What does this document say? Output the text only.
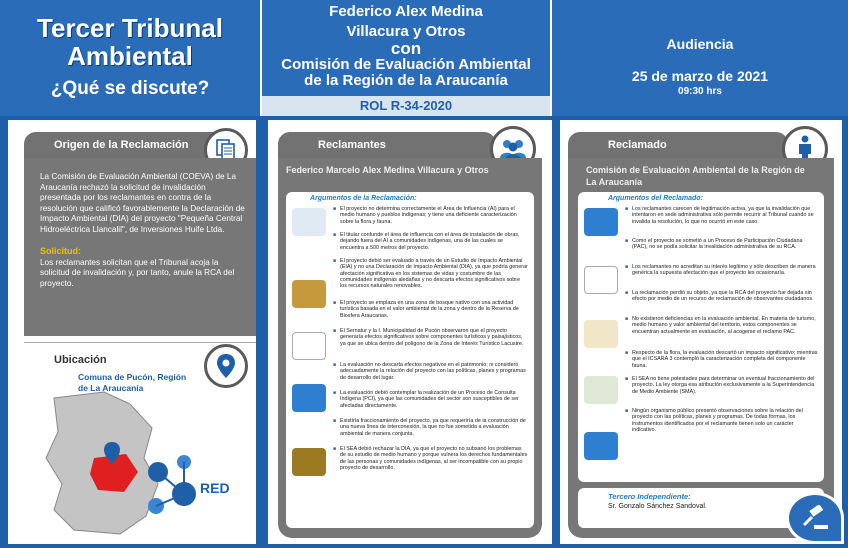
Tercer Tribunal Ambiental
¿Qué se discute?
Federico Alex Medina
Villacura y Otros
con
Comisión de Evaluación Ambiental
de la Región de la Araucanía
ROL R-34-2020
Audiencia
25 de marzo de 2021
09:30 hrs
Origen de la Reclamación
La Comisión de Evaluación Ambiental (COEVA) de La Araucanía rechazó la solicitud de invalidación presentada por los reclamantes en contra de la resolución que calificó favorablemente la Declaración de Impacto Ambiental (DIA) del proyecto "Pequeña Central Hidroeléctrica Llancalil", de Inversiones Huife Ltda.
Solicitud:
Los reclamantes solicitan que el Tribunal acoja la solicitud de invalidación y, por tanto, anule la RCA del proyecto.
Ubicación
Comuna de Pucón, Región de La Araucanía
RED
Reclamantes
Federico Marcelo Alex Medina Villacura y Otros
Argumentos de la Reclamación:
■ El proyecto no determina correctamente el Área de Influencia (AI) para el medio humano y pueblos indígenas; y tiene una deficiente caracterización sobre la flora y fauna.
■ El titular confunde el área de influencia con el área de instalación de obras, dejando fuera del AI a comunidades indígenas, una de las cuales se encuentra a 500 metros del proyecto.
■ El proyecto debió ser evaluado a través de un Estudio de Impacto Ambiental (EIA) y no una Declaración de Impacto Ambiental (DIA), ya que podría generar afectación significativa en los sistemas de vidas y costumbre de las comunidades indígenas aledañas y no descarta efectos significativos sobre los recursos naturales renovables.
■ El proyecto se emplaza en una zona de bosque nativo con una actividad turística basada en el valor ambiental de la zona y dentro de la Reserva de Biosfera Araucarias.
■ El Sernatur y la I. Municipalidad de Pucón observaron que el proyecto generaría efectos significativos sobre componentes turísticos y paisajísticos, ya que se ubica dentro del polígono de la Zona de Interés Turístico Lacustre.
■ La evaluación no descarta efectos negativos en el patrimonio; ni consideró adecuadamente la relación del proyecto con las políticas, planes y programas de desarrollo del lugar.
■ La evaluación debió contemplar la realización de un Proceso de Consulta Indígena (PCI), ya que las comunidades del sector son susceptibles de ser afectadas directamente.
■ Existiría fraccionamiento del proyecto, ya que requeriría de la construcción de una nueva línea de interconexión, la que no fue sometida a evaluación ambiental de manera conjunta.
■ El SEA debió rechazar la DIA, ya que el proyecto no subsanó los problemas de su estudio de medio humano y porque vulnera los derechos fundamentales de las personas y comunidades indígenas, al ser incompatible con su propio proyecto de desarrollo.
Reclamado
Comisión de Evaluación Ambiental de la Región de La Araucanía
Argumentos del Reclamado:
■ Los reclamantes carecen de legitimación activa, ya que la invalidación que intentaron en sede administrativa sólo permite recurrir al Tribunal cuando se invalida la resolución, lo que no ocurrió en este caso.
■ Como el proyecto se sometió a un Proceso de Participación Ciudadana (PAC), no se podía solicitar la invalidación administrativa de su RCA.
■ Los reclamantes no acreditan su interés legítimo y sólo describen de manera genérica la supuesta afectación que el proyecto les ocasionaría.
■ La reclamación perdió su objeto, ya que la RCA del proyecto fue dejada sin efecto por medio de un recurso de reclamación de observantes ciudadanos.
■ No existieron deficiencias en la evaluación ambiental. En materia de turismo, medio humano y valor ambiental del territorio, estos componentes se encuentran actualmente en evaluación, al acogerse el reclamo PAC.
■ Respecto de la flora, la evaluación descartó un impacto significativo; mientras que el ICSARA 3 contempló la caracterización completa del componente fauna.
■ El SEA no tiene potestades para determinar un eventual fraccionamiento del proyecto. La ley otorga esa atribución exclusivamente a la Superintendencia de Medio Ambiente (SMA).
■ Ningún organismo público presentó observaciones sobre la relación del proyecto con las políticas, planes y programas. De todas formas, los instrumentos identificados por el reclamante tienen solo un carácter indicativo.
Tercero Independiente:
Sr. Gonzalo Sánchez Sandoval.
